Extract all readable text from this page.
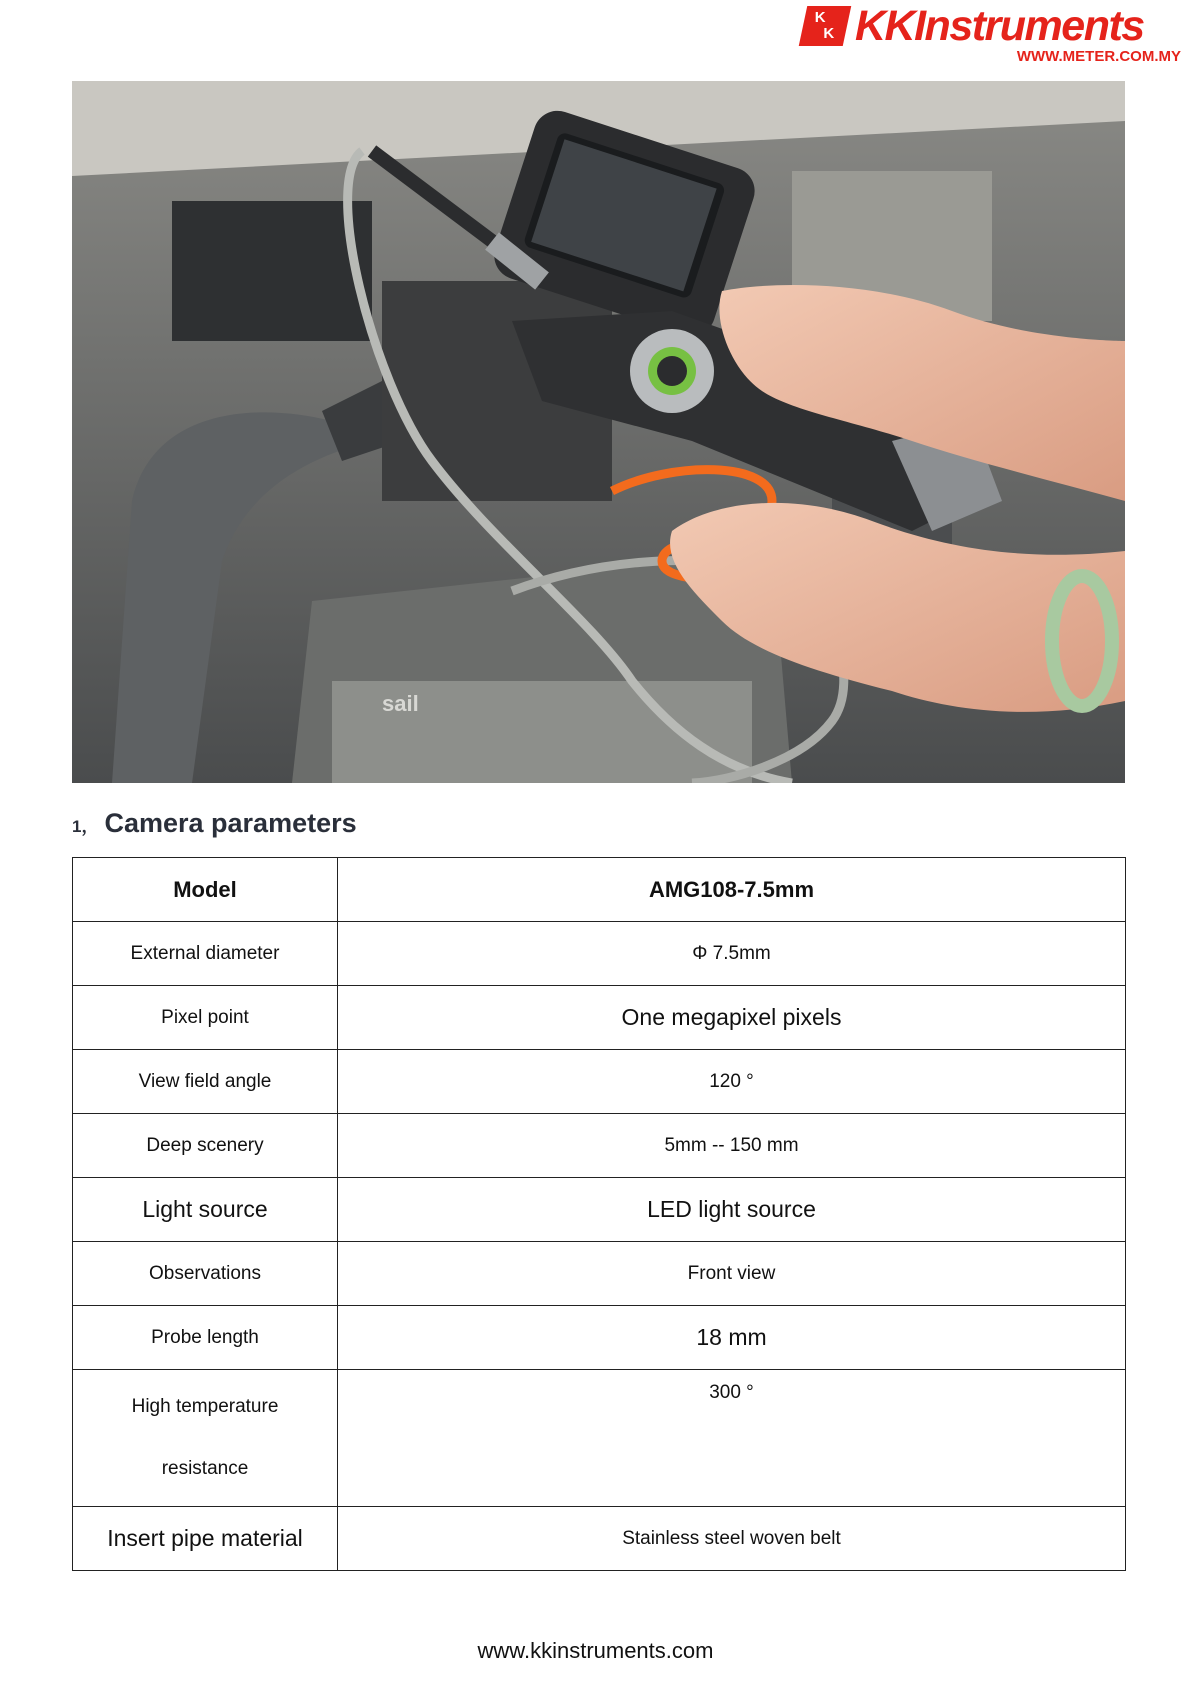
K
K KKInstruments
WWW.METER.COM.MY
sail
1， Camera parameters
Model	AMG108-7.5mm
External diameter	Φ 7.5mm
Pixel point	One megapixel pixels
View field angle	120 °
Deep scenery	5mm -- 150 mm
Light source	LED light source
Observations	Front view
Probe length	18 mm

High temperature resistance	300 °
Insert pipe material	Stainless steel woven belt
www.kkinstruments.com
